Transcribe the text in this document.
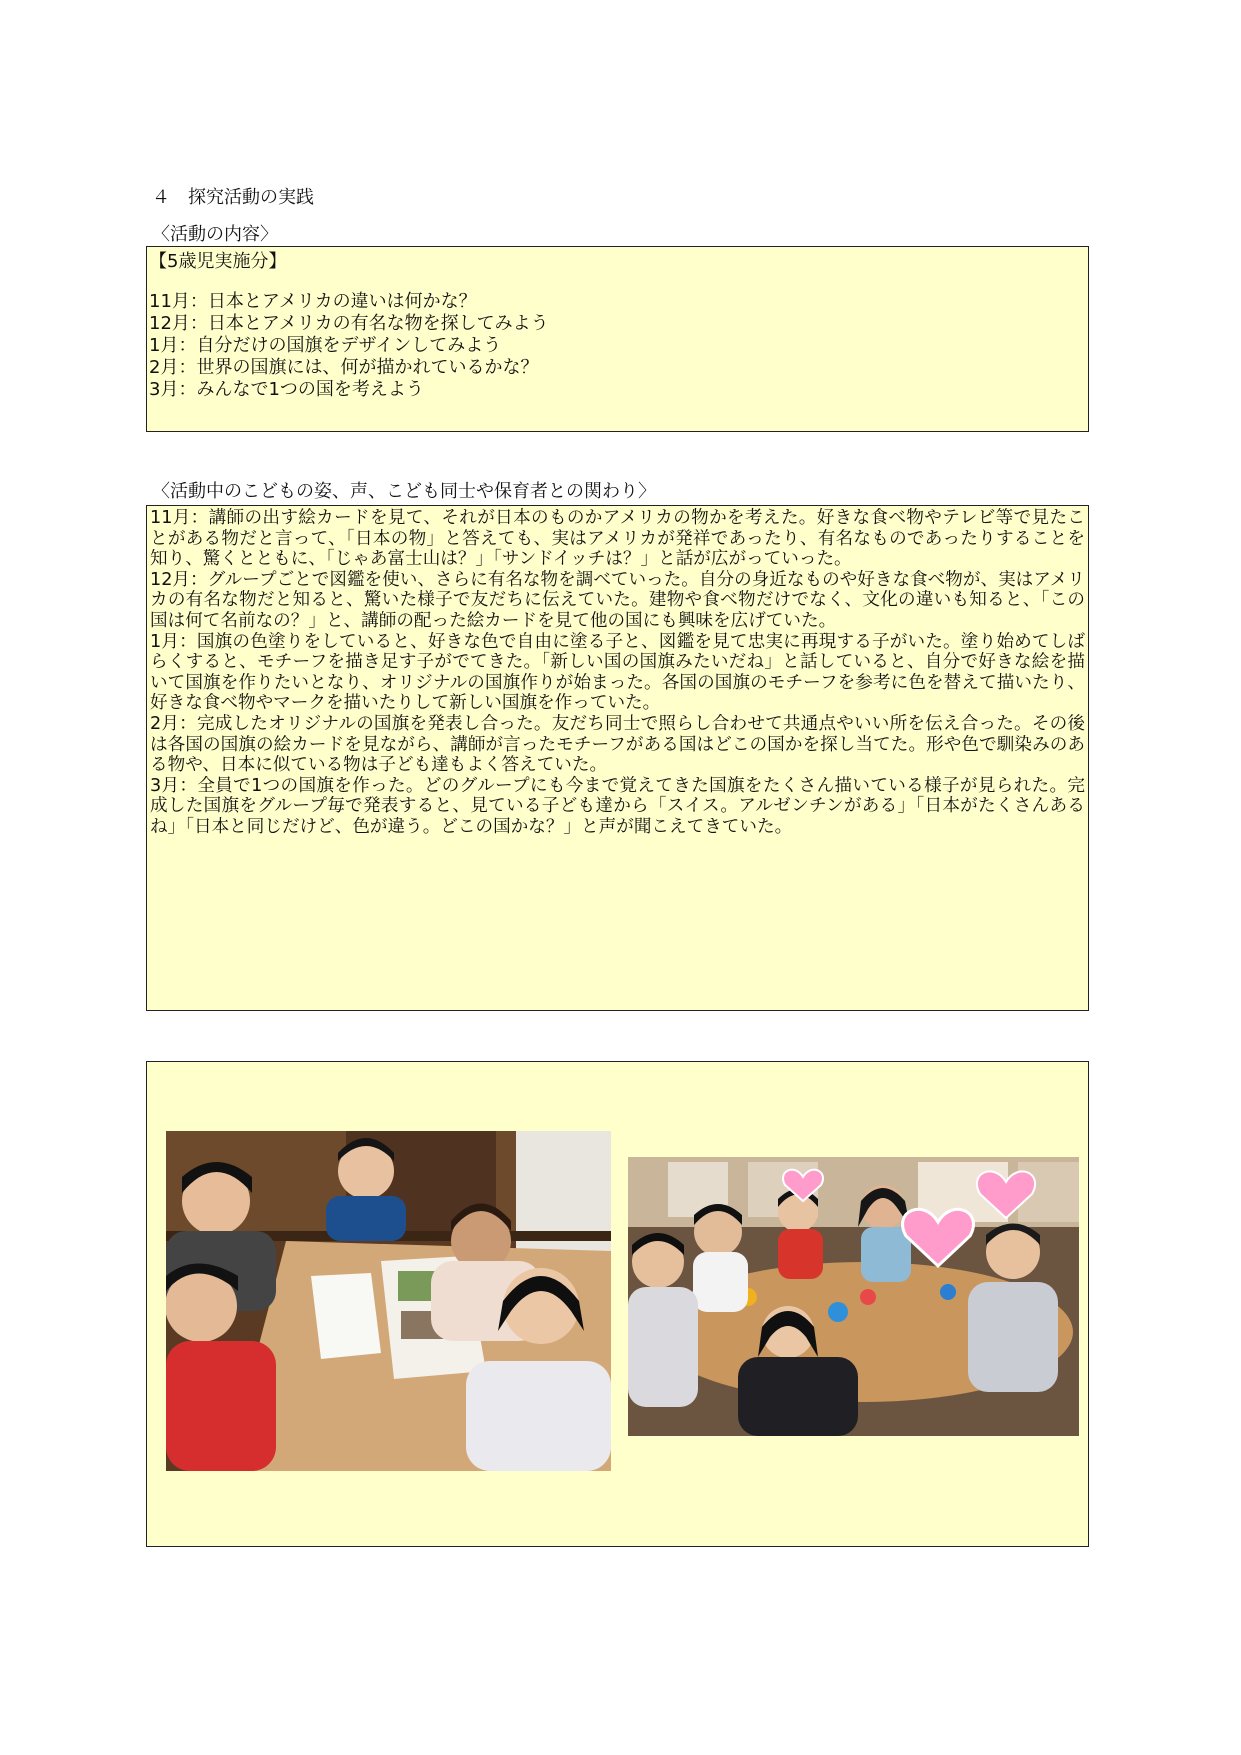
４　探究活動の実践
〈活動の内容〉
【5歳児実施分】
11月：日本とアメリカの違いは何かな？
12月：日本とアメリカの有名な物を探してみよう
1月：自分だけの国旗をデザインしてみよう
2月：世界の国旗には、何が描かれているかな？
3月：みんなで1つの国を考えよう
〈活動中のこどもの姿、声、こども同士や保育者との関わり〉

11月：講師の出す絵カードを見て、それが日本のものかアメリカの物かを考えた。好きな食べ物やテレビ等で見たことがある物だと言って、「日本の物」と答えても、実はアメリカが発祥であったり、有名なものであったりすることを知り、驚くとともに、「じゃあ富士山は？」「サンドイッチは？」と話が広がっていった。

12月：グループごとで図鑑を使い、さらに有名な物を調べていった。自分の身近なものや好きな食べ物が、実はアメリカの有名な物だと知ると、驚いた様子で友だちに伝えていた。建物や食べ物だけでなく、文化の違いも知ると、「この国は何て名前なの？」と、講師の配った絵カードを見て他の国にも興味を広げていた。

1月：国旗の色塗りをしていると、好きな色で自由に塗る子と、図鑑を見て忠実に再現する子がいた。塗り始めてしばらくすると、モチーフを描き足す子がでてきた。「新しい国の国旗みたいだね」と話していると、自分で好きな絵を描いて国旗を作りたいとなり、オリジナルの国旗作りが始まった。各国の国旗のモチーフを参考に色を替えて描いたり、好きな食べ物やマークを描いたりして新しい国旗を作っていた。

2月：完成したオリジナルの国旗を発表し合った。友だち同士で照らし合わせて共通点やいい所を伝え合った。その後は各国の国旗の絵カードを見ながら、講師が言ったモチーフがある国はどこの国かを探し当てた。形や色で馴染みのある物や、日本に似ている物は子ども達もよく答えていた。

3月：全員で1つの国旗を作った。どのグループにも今まで覚えてきた国旗をたくさん描いている様子が見られた。完成した国旗をグループ毎で発表すると、見ている子ども達から「スイス。アルゼンチンがある」「日本がたくさんあるね」「日本と同じだけど、色が違う。どこの国かな？」と声が聞こえてきていた。
